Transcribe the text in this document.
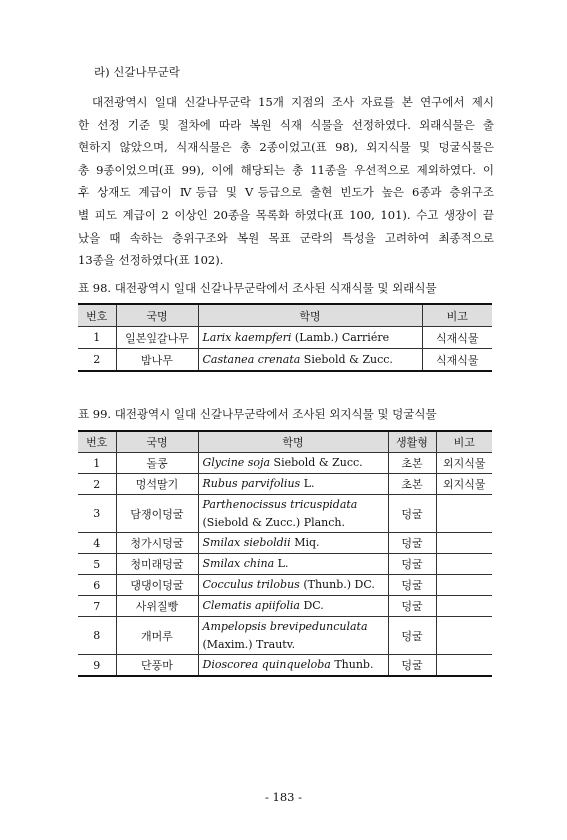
라) 신갈나무군락
대전광역시 일대 신갈나무군락 15개 지점의 조사 자료를 본 연구에서 제시
한 선정 기준 및 절차에 따라 복원 식재 식물을 선정하였다. 외래식물은 출
현하지 않았으며, 식재식물은 총 2종이었고(표 98), 외지식물 및 덩굴식물은
총 9종이었으며(표 99), 이에 해당되는 총 11종을 우선적으로 제외하였다. 이
후 상재도 계급이 Ⅳ등급 및 Ⅴ등급으로 출현 빈도가 높은 6종과 층위구조
별 피도 계급이 2 이상인 20종을 목록화 하였다(표 100, 101). 수고 생장이 끝
났을 때 속하는 층위구조와 복원 목표 군락의 특성을 고려하여 최종적으로
13종을 선정하였다(표 102).
표 98. 대전광역시 일대 신갈나무군락에서 조사된 식재식물 및 외래식물
번호	국명	학명	비고
1	일본잎갈나무	Larix kaempferi (Lamb.) Carriére	식재식물
2	밤나무	Castanea crenata Siebold & Zucc.	식재식물
표 99. 대전광역시 일대 신갈나무군락에서 조사된 외지식물 및 덩굴식물
번호	국명	학명	생활형	비고
1	돌콩	Glycine soja Siebold & Zucc.	초본	외지식물
2	멍석딸기	Rubus parvifolius L.	초본	외지식물
3	담쟁이덩굴	Parthenocissus tricuspidata (Siebold & Zucc.) Planch.	덩굴	
4	청가시덩굴	Smilax sieboldii Miq.	덩굴	
5	청미래덩굴	Smilax china L.	덩굴	
6	댕댕이덩굴	Cocculus trilobus (Thunb.) DC.	덩굴	
7	사위질빵	Clematis apiifolia DC.	덩굴	
8	개머루	Ampelopsis brevipedunculata (Maxim.) Trautv.	덩굴	
9	단풍마	Dioscorea quinqueloba Thunb.	덩굴	
- 183 -
